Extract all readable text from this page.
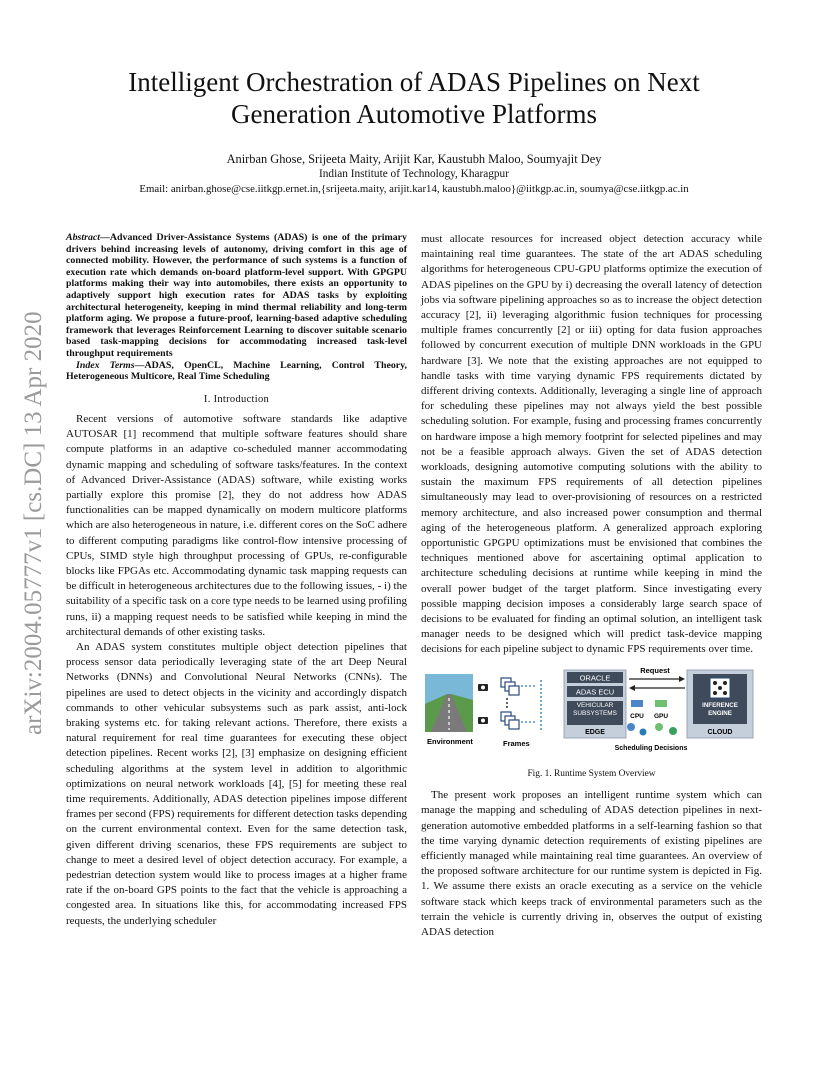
arXiv:2004.05777v1 [cs.DC] 13 Apr 2020
Intelligent Orchestration of ADAS Pipelines on Next Generation Automotive Platforms
Anirban Ghose, Srijeeta Maity, Arijit Kar, Kaustubh Maloo, Soumyajit Dey
Indian Institute of Technology, Kharagpur
Email: anirban.ghose@cse.iitkgp.ernet.in,{srijeeta.maity, arijit.kar14, kaustubh.maloo}@iitkgp.ac.in, soumya@cse.iitkgp.ac.in

Abstract—Advanced Driver-Assistance Systems (ADAS) is one of the primary drivers behind increasing levels of autonomy, driving comfort in this age of connected mobility. However, the performance of such systems is a function of execution rate which demands on-board platform-level support. With GPGPU platforms making their way into automobiles, there exists an opportunity to adaptively support high execution rates for ADAS tasks by exploiting architectural heterogeneity, keeping in mind thermal reliability and long-term platform aging. We propose a future-proof, learning-based adaptive scheduling framework that leverages Reinforcement Learning to discover suitable scenario based task-mapping decisions for accommodating increased task-level throughput requirements

Index Terms—ADAS, OpenCL, Machine Learning, Control Theory, Heterogeneous Multicore, Real Time Scheduling

I. Introduction

Recent versions of automotive software standards like adaptive AUTOSAR [1] recommend that multiple software features should share compute platforms in an adaptive co-scheduled manner accommodating dynamic mapping and scheduling of software tasks/features. In the context of Advanced Driver-Assistance (ADAS) software, while existing works partially explore this promise [2], they do not address how ADAS functionalities can be mapped dynamically on modern multicore platforms which are also heterogeneous in nature, i.e. different cores on the SoC adhere to different computing paradigms like control-flow intensive processing of CPUs, SIMD style high throughput processing of GPUs, re-configurable blocks like FPGAs etc. Accommodating dynamic task mapping requests can be difficult in heterogeneous architectures due to the following issues, - i) the suitability of a specific task on a core type needs to be learned using profiling runs, ii) a mapping request needs to be satisfied while keeping in mind the architectural demands of other existing tasks.

An ADAS system constitutes multiple object detection pipelines that process sensor data periodically leveraging state of the art Deep Neural Networks (DNNs) and Convolutional Neural Networks (CNNs). The pipelines are used to detect objects in the vicinity and accordingly dispatch commands to other vehicular subsystems such as park assist, anti-lock braking systems etc. for taking relevant actions. Therefore, there exists a natural requirement for real time guarantees for executing these object detection pipelines. Recent works [2], [3] emphasize on designing efficient scheduling algorithms at the system level in addition to algorithmic optimizations on neural network workloads [4], [5] for meeting these real time requirements. Additionally, ADAS detection pipelines impose different frames per second (FPS) requirements for different detection tasks depending on the current environmental context. Even for the same detection task, given different driving scenarios, these FPS requirements are subject to change to meet a desired level of object detection accuracy. For example, a pedestrian detection system would like to process images at a higher frame rate if the on-board GPS points to the fact that the vehicle is approaching a congested area. In situations like this, for accommodating increased FPS requests, the underlying scheduler

must allocate resources for increased object detection accuracy while maintaining real time guarantees. The state of the art ADAS scheduling algorithms for heterogeneous CPU-GPU platforms optimize the execution of ADAS pipelines on the GPU by i) decreasing the overall latency of detection jobs via software pipelining approaches so as to increase the object detection accuracy [2], ii) leveraging algorithmic fusion techniques for processing multiple frames concurrently [2] or iii) opting for data fusion approaches followed by concurrent execution of multiple DNN workloads in the GPU hardware [3]. We note that the existing approaches are not equipped to handle tasks with time varying dynamic FPS requirements dictated by different driving contexts. Additionally, leveraging a single line of approach for scheduling these pipelines may not always yield the best possible scheduling solution. For example, fusing and processing frames concurrently on hardware impose a high memory footprint for selected pipelines and may not be a feasible approach always. Given the set of ADAS detection workloads, designing automotive computing solutions with the ability to sustain the maximum FPS requirements of all detection pipelines simultaneously may lead to over-provisioning of resources on a restricted memory architecture, and also increased power consumption and thermal aging of the heterogeneous platform. A generalized approach exploring opportunistic GPGPU optimizations must be envisioned that combines the techniques mentioned above for ascertaining optimal application to architecture scheduling decisions at runtime while keeping in mind the overall power budget of the target platform. Since investigating every possible mapping decision imposes a considerably large search space of decisions to be evaluated for finding an optimal solution, an intelligent task manager needs to be designed which will predict task-device mapping decisions for each pipeline subject to dynamic FPS requirements over time.

Environment	Frames
ORACLE
ADAS ECU
VEHICULAR SUBSYSTEMS
EDGE
CPU GPU
Scheduling Decisions
Request
INFERENCE ENGINE
CLOUD
Fig. 1. Runtime System Overview

The present work proposes an intelligent runtime system which can manage the mapping and scheduling of ADAS detection pipelines in next-generation automotive embedded platforms in a self-learning fashion so that the time varying dynamic detection requirements of existing pipelines are efficiently managed while maintaining real time guarantees. An overview of the proposed software architecture for our runtime system is depicted in Fig. 1. We assume there exists an oracle executing as a service on the vehicle software stack which keeps track of environmental parameters such as the terrain the vehicle is currently driving in, observes the output of existing ADAS detection
